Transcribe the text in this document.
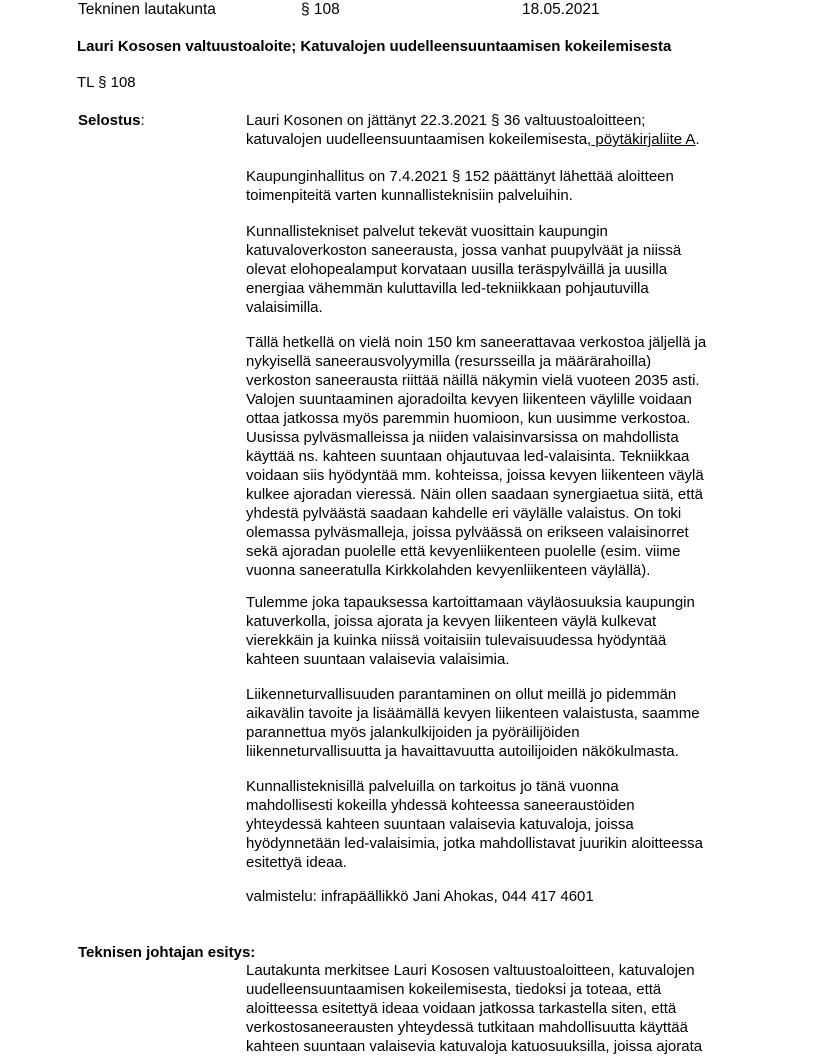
Tekninen lautakunta	§ 108	18.05.2021
Lauri Kososen valtuustoaloite; Katuvalojen uudelleensuuntaamisen kokeilemisesta
TL § 108
Selostus:	Lauri Kosonen on jättänyt 22.3.2021 § 36 valtuustoaloitteen;
katuvalojen uudelleensuuntaamisen kokeilemisesta, pöytäkirjaliite A.
Kaupunginhallitus on 7.4.2021 § 152 päättänyt lähettää aloitteen
toimenpiteitä varten kunnallisteknisiin palveluihin.
Kunnallistekniset palvelut tekevät vuosittain kaupungin
katuvaloverkoston saneerausta, jossa vanhat puupylväät ja niissä
olevat elohopealamput korvataan uusilla teräspylväillä ja uusilla
energiaa vähemmän kuluttavilla led-tekniikkaan pohjautuvilla
valaisimilla.
Tällä hetkellä on vielä noin 150 km saneerattavaa verkostoa jäljellä ja
nykyisellä saneerausvolyymilla (resursseilla ja määrärahoilla)
verkoston saneerausta riittää näillä näkymin vielä vuoteen 2035 asti.
Valojen suuntaaminen ajoradoilta kevyen liikenteen väylille voidaan
ottaa jatkossa myös paremmin huomioon, kun uusimme verkostoa.
Uusissa pylväsmalleissa ja niiden valaisinvarsissa on mahdollista
käyttää ns. kahteen suuntaan ohjautuvaa led-valaisinta. Tekniikkaa
voidaan siis hyödyntää mm. kohteissa, joissa kevyen liikenteen väylä
kulkee ajoradan vieressä. Näin ollen saadaan synergiaetua siitä, että
yhdestä pylväästä saadaan kahdelle eri väylälle valaistus. On toki
olemassa pylväsmalleja, joissa pylväässä on erikseen valaisinorret
sekä ajoradan puolelle että kevyenliikenteen puolelle (esim. viime
vuonna saneeratulla Kirkkolahden kevyenliikenteen väylällä).
Tulemme joka tapauksessa kartoittamaan väyläosuuksia kaupungin
katuverkolla, joissa ajorata ja kevyen liikenteen väylä kulkevat
vierekkäin ja kuinka niissä voitaisiin tulevaisuudessa hyödyntää
kahteen suuntaan valaisevia valaisimia.
Liikenneturvallisuuden parantaminen on ollut meillä jo pidemmän
aikavälin tavoite ja lisäämällä kevyen liikenteen valaistusta, saamme
parannettua myös jalankulkijoiden ja pyöräilijöiden
liikenneturvallisuutta ja havaittavuutta autoilijoiden näkökulmasta.
Kunnallisteknisillä palveluilla on tarkoitus jo tänä vuonna
mahdollisesti kokeilla yhdessä kohteessa saneeraustöiden
yhteydessä kahteen suuntaan valaisevia katuvaloja, joissa
hyödynnetään led-valaisimia, jotka mahdollistavat juurikin aloitteessa
esitettyä ideaa.
valmistelu: infrapäällikkö Jani Ahokas, 044 417 4601
Teknisen johtajan esitys:
Lautakunta merkitsee Lauri Kososen valtuustoaloitteen, katuvalojen
uudelleensuuntaamisen kokeilemisesta, tiedoksi ja toteaa, että
aloitteessa esitettyä ideaa voidaan jatkossa tarkastella siten, että
verkostosaneerausten yhteydessä tutkitaan mahdollisuutta käyttää
kahteen suuntaan valaisevia katuvaloja katuosuuksilla, joissa ajorata
